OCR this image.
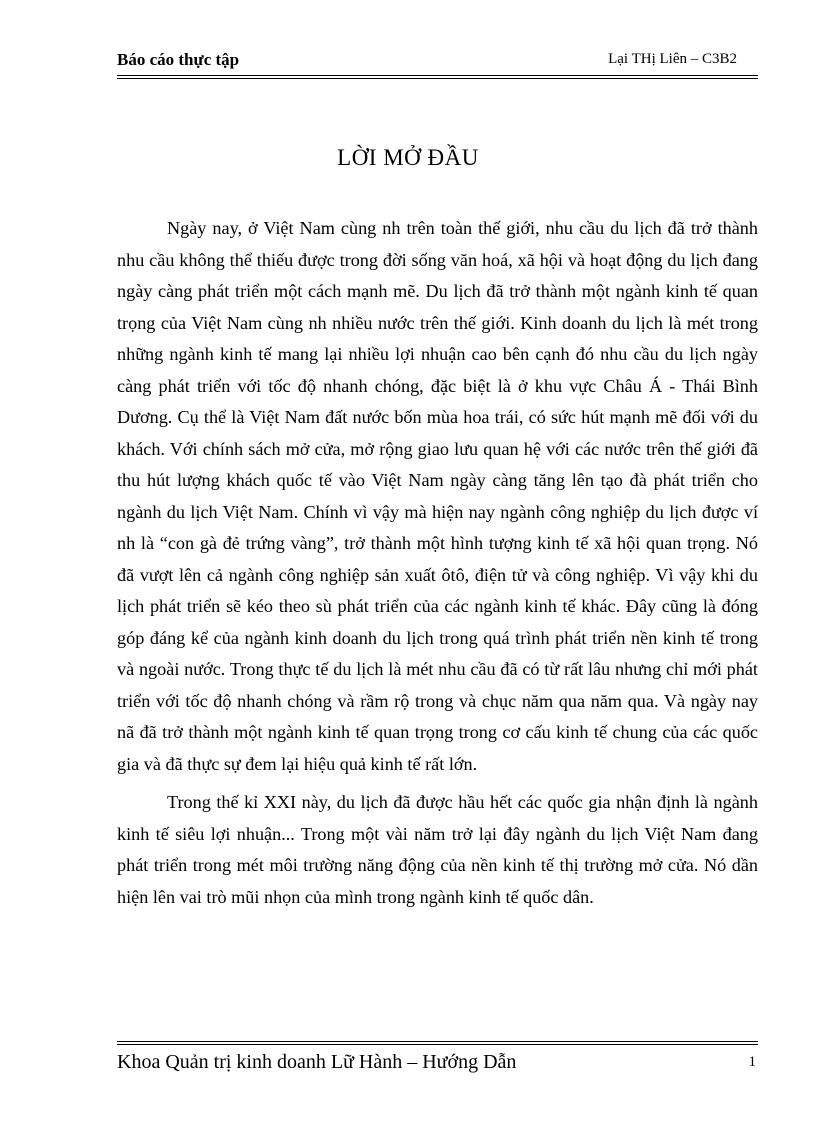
Báo cáo thực tập	Lại THị Liên – C3B2
LỜI MỞ ĐẦU

Ngày nay, ở Việt Nam cùng nh trên toàn thế giới, nhu cầu du lịch đã trở thành nhu cầu không thể thiếu được trong đời sống văn hoá, xã hội và hoạt động du lịch đang ngày càng phát triển một cách mạnh mẽ. Du lịch đã trở thành một ngành kinh tế quan trọng của Việt Nam cùng nh nhiều nước trên thế giới. Kinh doanh du lịch là mét trong những ngành kinh tế mang lại nhiều lợi nhuận cao bên cạnh đó nhu cầu du lịch ngày càng phát triển với tốc độ nhanh chóng, đặc biệt là ở khu vực Châu Á - Thái Bình Dương. Cụ thể là Việt Nam đất nước bốn mùa hoa trái, có sức hút mạnh mẽ đối với du khách. Với chính sách mở cửa, mở rộng giao lưu quan hệ với các nước trên thế giới đã thu hút lượng khách quốc tế vào Việt Nam ngày càng tăng lên tạo đà phát triển cho ngành du lịch Việt Nam. Chính vì vậy mà hiện nay ngành công nghiệp du lịch được ví nh là “con gà đẻ trứng vàng”, trở thành một hình tượng kinh tế xã hội quan trọng. Nó đã vượt lên cả ngành công nghiệp sản xuất ôtô, điện tử và công nghiệp. Vì vậy khi du lịch phát triển sẽ kéo theo sù phát triển của các ngành kinh tế khác. Đây cũng là đóng góp đáng kể của ngành kinh doanh du lịch trong quá trình phát triển nền kinh tế trong và ngoài nước. Trong thực tế du lịch là mét nhu cầu đã có từ rất lâu nhưng chỉ mới phát triển với tốc độ nhanh chóng và rầm rộ trong và chục năm qua năm qua. Và ngày nay nã đã trở thành một ngành kinh tế quan trọng trong cơ cấu kinh tế chung của các quốc gia và đã thực sự đem lại hiệu quả kinh tế rất lớn.

Trong thế kỉ XXI này, du lịch đã được hầu hết các quốc gia nhận định là ngành kinh tế siêu lợi nhuận... Trong một vài năm trở lại đây ngành du lịch Việt Nam đang phát triển trong mét môi trường năng động của nền kinh tế thị trường mở cửa. Nó dần hiện lên vai trò mũi nhọn của mình trong ngành kinh tế quốc dân.

Khoa Quản trị kinh doanh Lữ Hành – Hướng Dẫn	1
